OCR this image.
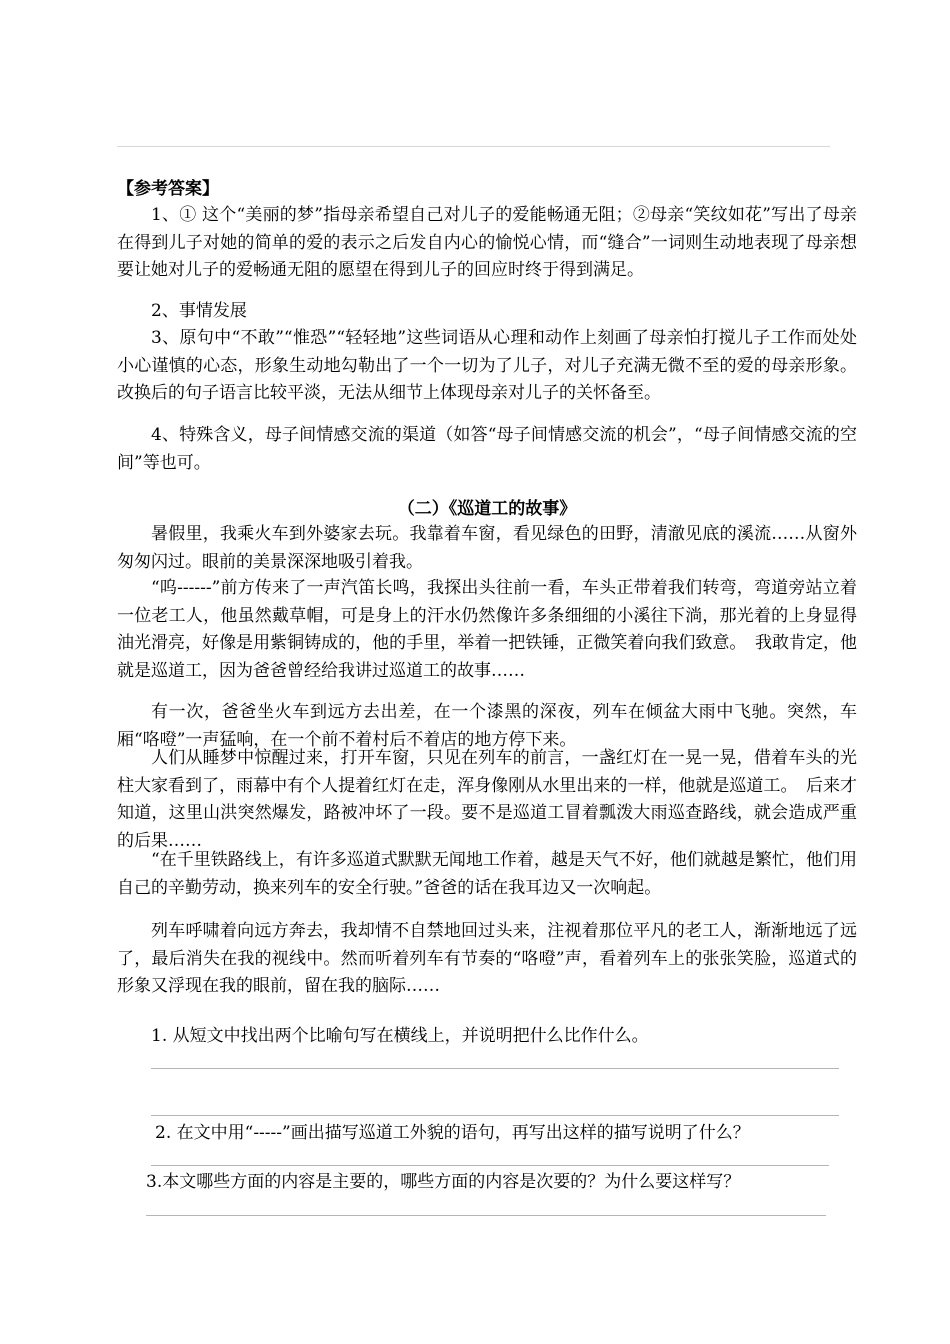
【参考答案】
1、① 这个“美丽的梦”指母亲希望自己对儿子的爱能畅通无阻；②母亲“笑纹如花”写出了母亲在得到儿子对她的简单的爱的表示之后发自内心的愉悦心情，而“缝合”一词则生动地表现了母亲想要让她对儿子的爱畅通无阻的愿望在得到儿子的回应时终于得到满足。
2、事情发展
3、原句中“不敢”“惟恐”“轻轻地”这些词语从心理和动作上刻画了母亲怕打搅儿子工作而处处小心谨慎的心态，形象生动地勾勒出了一个一切为了儿子，对儿子充满无微不至的爱的母亲形象。改换后的句子语言比较平淡，无法从细节上体现母亲对儿子的关怀备至。
4、特殊含义，母子间情感交流的渠道（如答“母子间情感交流的机会”，“母子间情感交流的空间”等也可。
（二）《巡道工的故事》
暑假里，我乘火车到外婆家去玩。我靠着车窗，看见绿色的田野，清澈见底的溪流……从窗外匆匆闪过。眼前的美景深深地吸引着我。
“呜------”前方传来了一声汽笛长鸣，我探出头往前一看，车头正带着我们转弯，弯道旁站立着一位老工人，他虽然戴草帽，可是身上的汗水仍然像许多条细细的小溪往下淌，那光着的上身显得油光滑亮，好像是用紫铜铸成的，他的手里，举着一把铁锤，正微笑着向我们致意。　我敢肯定，他就是巡道工，因为爸爸曾经给我讲过巡道工的故事……
有一次，爸爸坐火车到远方去出差，在一个漆黑的深夜，列车在倾盆大雨中飞驰。突然，车厢“咯噔”一声猛响，在一个前不着村后不着店的地方停下来。
人们从睡梦中惊醒过来，打开车窗，只见在列车的前言，一盏红灯在一晃一晃，借着车头的光柱大家看到了，雨幕中有个人提着红灯在走，浑身像刚从水里出来的一样，他就是巡道工。　后来才知道，这里山洪突然爆发，路被冲坏了一段。要不是巡道工冒着瓢泼大雨巡查路线，就会造成严重的后果……
“在千里铁路线上，有许多巡道式默默无闻地工作着，越是天气不好，他们就越是繁忙，他们用自己的辛勤劳动，换来列车的安全行驶。”爸爸的话在我耳边又一次响起。
列车呼啸着向远方奔去，我却情不自禁地回过头来，注视着那位平凡的老工人，渐渐地远了远了，最后消失在我的视线中。然而听着列车有节奏的“咯噔”声，看着列车上的张张笑脸，巡道式的形象又浮现在我的眼前，留在我的脑际……
1. 从短文中找出两个比喻句写在横线上，并说明把什么比作什么。
2. 在文中用“-----”画出描写巡道工外貌的语句，再写出这样的描写说明了什么？
3.本文哪些方面的内容是主要的，哪些方面的内容是次要的？为什么要这样写？
